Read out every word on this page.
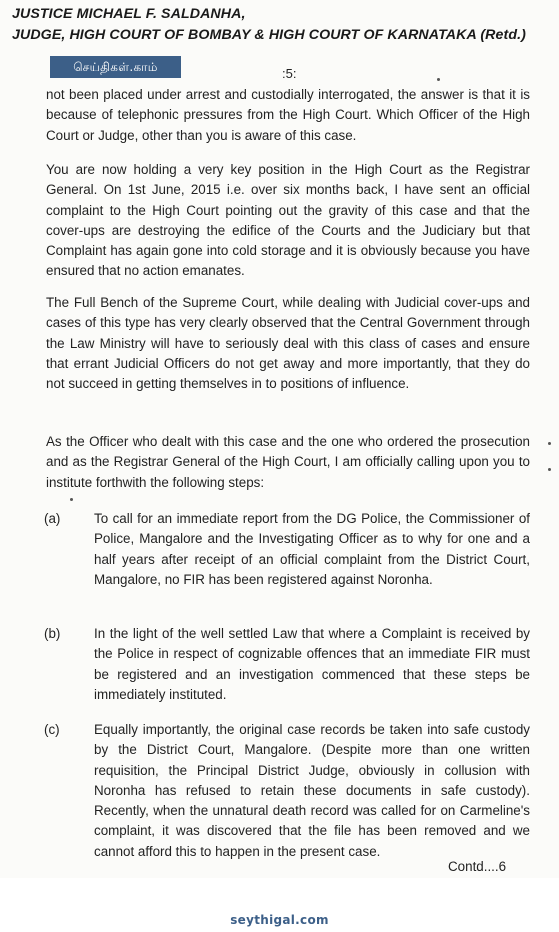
JUSTICE MICHAEL F. SALDANHA,
JUDGE, HIGH COURT OF BOMBAY & HIGH COURT OF KARNATAKA (Retd.)
செய்திகள்.காம்	:5:

not been placed under arrest and custodially interrogated, the answer is that it is because of telephonic pressures from the High Court. Which Officer of the High Court or Judge, other than you is aware of this case.

You are now holding a very key position in the High Court as the Registrar General. On 1st June, 2015 i.e. over six months back, I have sent an official complaint to the High Court pointing out the gravity of this case and that the cover-ups are destroying the edifice of the Courts and the Judiciary but that Complaint has again gone into cold storage and it is obviously because you have ensured that no action emanates.

The Full Bench of the Supreme Court, while dealing with Judicial cover-ups and cases of this type has very clearly observed that the Central Government through the Law Ministry will have to seriously deal with this class of cases and ensure that errant Judicial Officers do not get away and more importantly, that they do not succeed in getting themselves in to positions of influence.

As the Officer who dealt with this case and the one who ordered the prosecution and as the Registrar General of the High Court, I am officially calling upon you to institute forthwith the following steps:

(a)	To call for an immediate report from the DG Police, the Commissioner of Police, Mangalore and the Investigating Officer as to why for one and a half years after receipt of an official complaint from the District Court, Mangalore, no FIR has been registered against Noronha.

(b)	In the light of the well settled Law that where a Complaint is received by the Police in respect of cognizable offences that an immediate FIR must be registered and an investigation commenced that these steps be immediately instituted.

(c)	Equally importantly, the original case records be taken into safe custody by the District Court, Mangalore. (Despite more than one written requisition, the Principal District Judge, obviously in collusion with Noronha has refused to retain these documents in safe custody). Recently, when the unnatural death record was called for on Carmeline's complaint, it was discovered that the file has been removed and we cannot afford this to happen in the present case.

Contd....6
seythigal.com
